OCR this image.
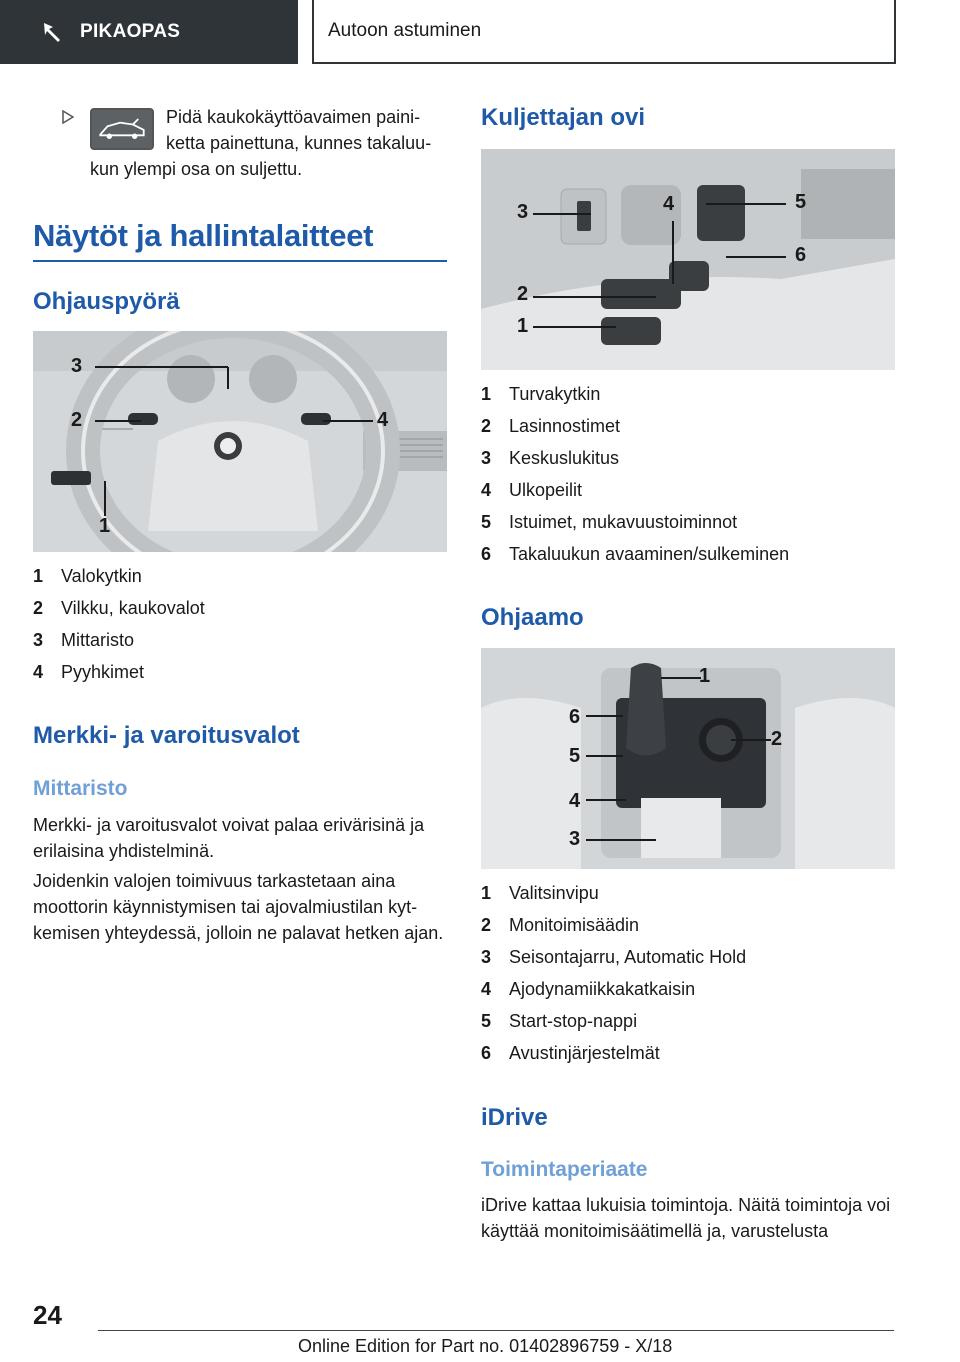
PIKAOPAS	Autoon astuminen
Pidä kaukokäyttöavaimen paini-ketta painettuna, kunnes takaluu-
kun ylempi osa on suljettu.
Näytöt ja hallintalaitteet
Ohjauspyörä
3
2	4
1
1 Valokytkin
2 Vilkku, kaukovalot
3 Mittaristo
4 Pyyhkimet
Merkki- ja varoitusvalot
Mittaristo
Merkki- ja varoitusvalot voivat palaa erivärisinä ja erilaisina yhdistelminä.
Joidenkin valojen toimivuus tarkastetaan aina moottorin käynnistymisen tai ajovalmiustilan kyt-kemisen yhteydessä, jolloin ne palavat hetken ajan.
Kuljettajan ovi
3	4	5
6
2
1
1 Turvakytkin
2 Lasinnostimet
3 Keskuslukitus
4 Ulkopeilit
5 Istuimet, mukavuustoiminnot
6 Takaluukun avaaminen/sulkeminen
Ohjaamo
1
6
2
5
4
3
1 Valitsinvipu
2 Monitoimisäädin
3 Seisontajarru, Automatic Hold
4 Ajodynamiikkakatkaisin
5 Start-stop-nappi
6 Avustinjärjestelmät
iDrive
Toimintaperiaate
iDrive kattaa lukuisia toimintoja. Näitä toimintoja voi käyttää monitoimisäätimellä ja, varustelusta
24
Online Edition for Part no. 01402896759 - X/18
